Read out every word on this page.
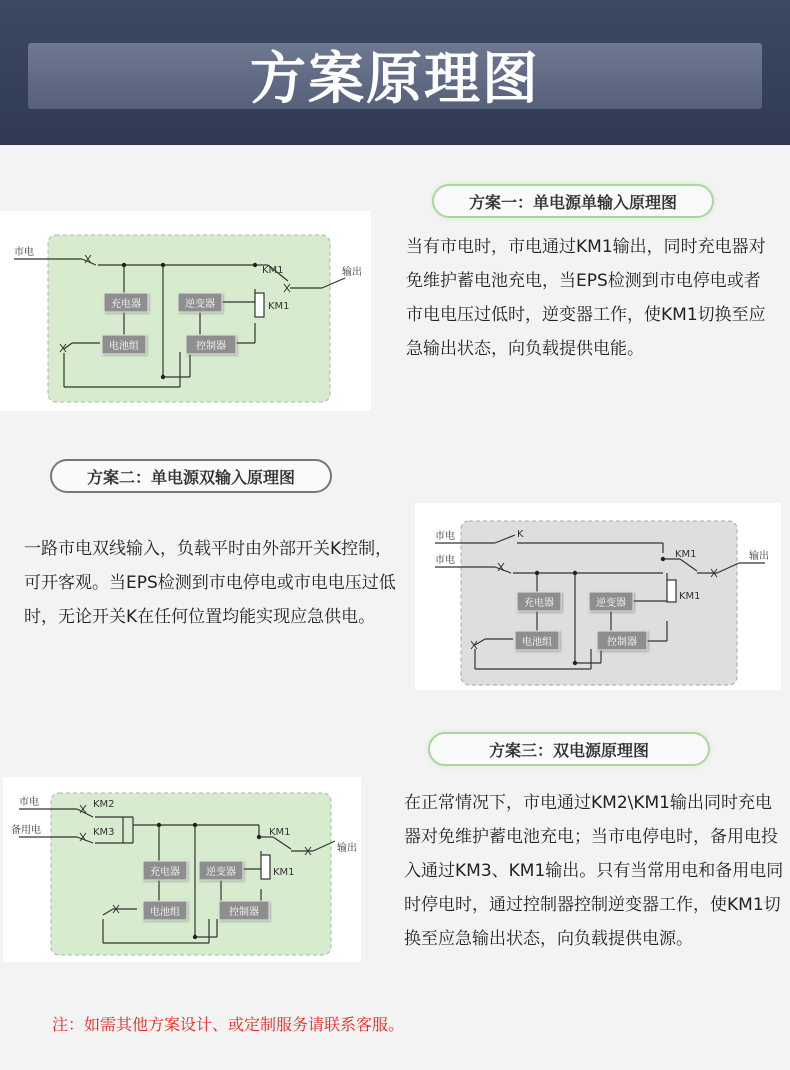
方案原理图
方案一：单电源单输入原理图
充电器	逆变器
电池组	控制器
市电
输出
KM1
KM1

当有市电时，市电通过KM1输出，同时充电器对免维护蓄电池充电，当EPS检测到市电停电或者市电电压过低时，逆变器工作，使KM1切换至应急输出状态，向负载提供电能。

方案二：单电源双输入原理图

一路市电双线输入，负载平时由外部开关K控制，可开客观。当EPS检测到市电停电或市电电压过低时，无论开关K在任何位置均能实现应急供电。

充电器	逆变器
电池组	控制器
市电
市电
K
输出
KM1
KM1
方案三：双电源原理图
充电器	逆变器
电池组	控制器
市电
备用电
KM2
KM3
输出
KM1
KM1

在正常情况下，市电通过KM2\KM1输出同时充电器对免维护蓄电池充电；当市电停电时，备用电投入通过KM3、KM1输出。只有当常用电和备用电同时停电时，通过控制器控制逆变器工作，使KM1切换至应急输出状态，向负载提供电源。

注：如需其他方案设计、或定制服务请联系客服。
